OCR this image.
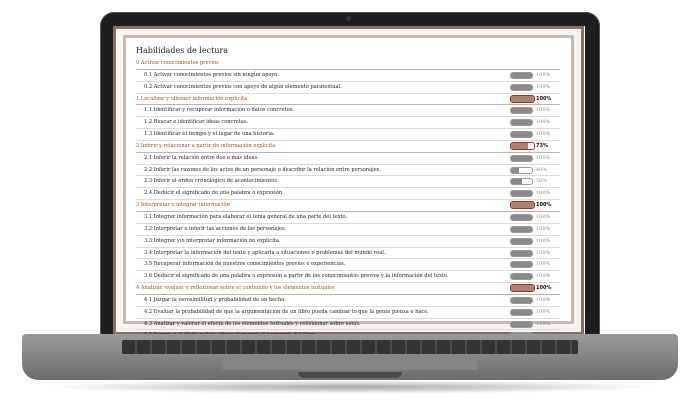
Habilidades de lectura
0 Activar conocimientos previos
0.1 Activar conocimientos previos sin ningún apoyo.	100%
0.2 Activar conocimientos previos con apoyo de algún elemento paratextual.	100%
1 Localizar y obtener información explícita	100%
1.1 Identificar y recuperar información o datos concretos.	100%
1.2 Buscar e identificar ideas concretas.	100%
1.3 Identificar el tiempo y el lugar de una historia.	100%
2 Inferir y relacionar a partir de información explícita	73%
2.1 Inferir la relación entre dos o más ideas.	100%
2.2 Inferir las razones de los actos de un personaje o describir la relación entre personajes.	40%
2.3 Inferir el orden cronológico de acontecimientos.	50%
2.4 Deducir el significado de una palabra o expresión.	100%
3 Interpretar e integrar información	100%
3.1 Integrar información para elaborar el tema general de una parte del texto.	100%
3.2 Interpretar o inferir las acciones de los personajes.	100%
3.3 Integrar y/o interpretar información no explícita.	100%
3.4 Interpretar la información del texto y aplicarla a situaciones o problemas del mundo real.	100%
3.5 Recuperar información de nuestros conocimientos previos o experiencias.	100%
3.6 Deducir el significado de una palabra o expresión a partir de los conocimientos previos y la información del texto.	100%
4 Analizar, evaluar y reflexionar sobre el contenido y los elementos textuales	100%
4.1 Juzgar la verosimilitud y probabilidad de un hecho.	100%
4.2 Evaluar la probabilidad de que la argumentación de un libro pueda cambiar lo que la gente piensa o hace.	100%
4.3 Analizar y valorar el efecto de los elementos textuales y reflexionar sobre estos.	100%
